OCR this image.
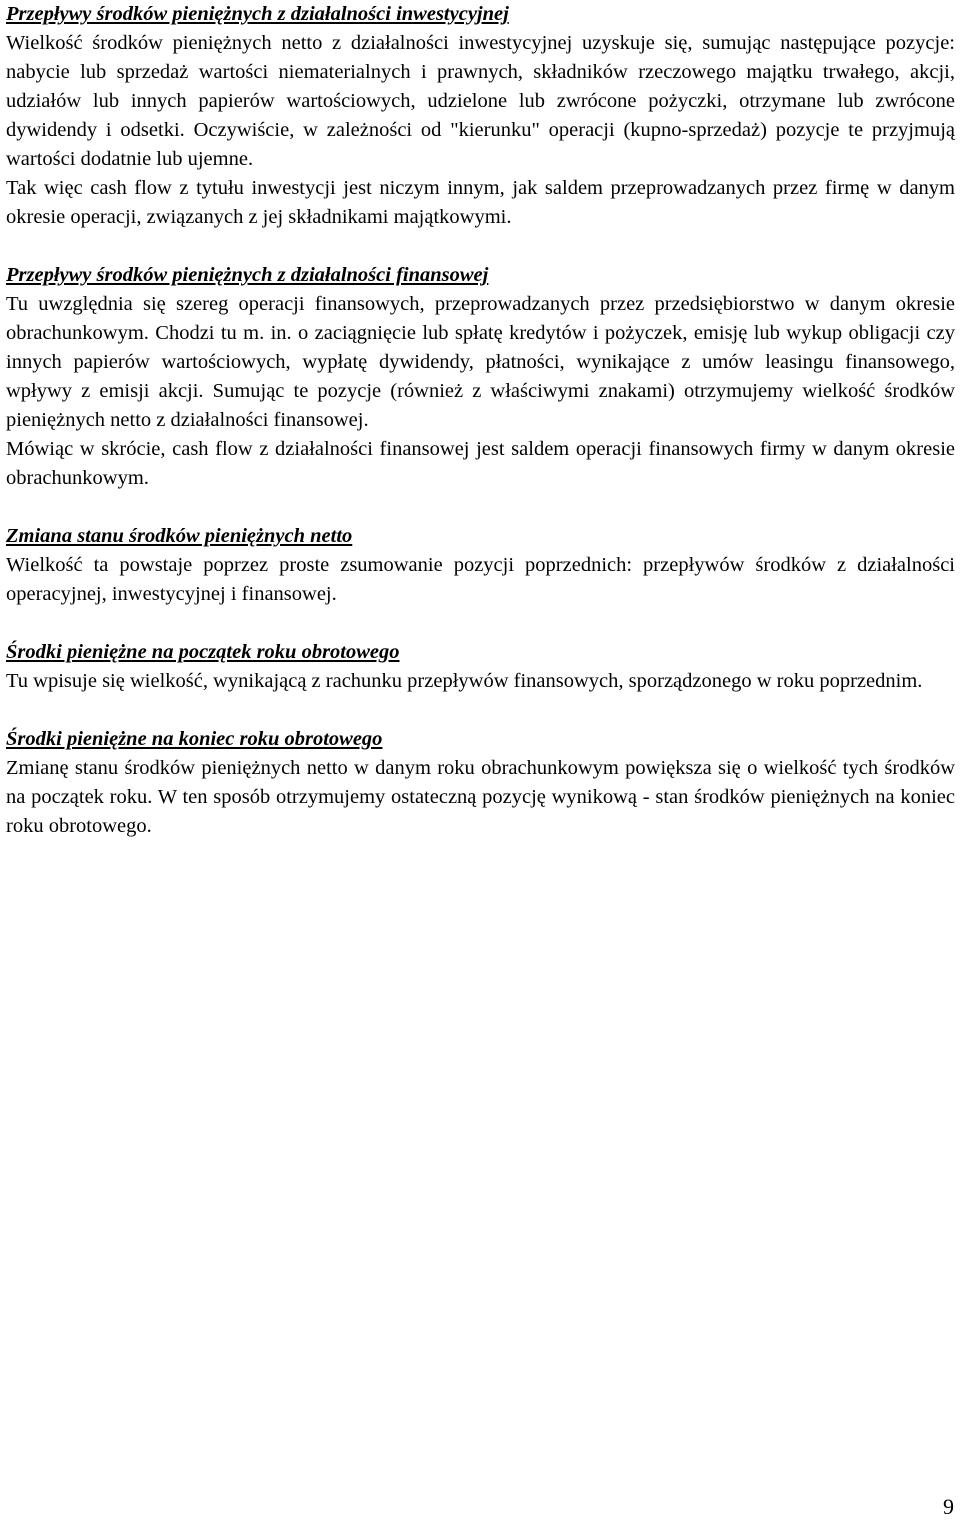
Przepływy środków pieniężnych z działalności inwestycyjnej

Wielkość środków pieniężnych netto z działalności inwestycyjnej uzyskuje się, sumując następujące pozycje: nabycie lub sprzedaż wartości niematerialnych i prawnych, składników rzeczowego majątku trwałego, akcji, udziałów lub innych papierów wartościowych, udzielone lub zwrócone pożyczki, otrzymane lub zwrócone dywidendy i odsetki. Oczywiście, w zależności od "kierunku" operacji (kupno-sprzedaż) pozycje te przyjmują wartości dodatnie lub ujemne.

Tak więc cash flow z tytułu inwestycji jest niczym innym, jak saldem przeprowadzanych przez firmę w danym okresie operacji, związanych z jej składnikami majątkowymi.

Przepływy środków pieniężnych z działalności finansowej

Tu uwzględnia się szereg operacji finansowych, przeprowadzanych przez przedsiębiorstwo w danym okresie obrachunkowym. Chodzi tu m. in. o zaciągnięcie lub spłatę kredytów i pożyczek, emisję lub wykup obligacji czy innych papierów wartościowych, wypłatę dywidendy, płatności, wynikające z umów leasingu finansowego, wpływy z emisji akcji. Sumując te pozycje (również z właściwymi znakami) otrzymujemy wielkość środków pieniężnych netto z działalności finansowej.

Mówiąc w skrócie, cash flow z działalności finansowej jest saldem operacji finansowych firmy w danym okresie obrachunkowym.

Zmiana stanu środków pieniężnych netto

Wielkość ta powstaje poprzez proste zsumowanie pozycji poprzednich: przepływów środków z działalności operacyjnej, inwestycyjnej i finansowej.

Środki pieniężne na początek roku obrotowego

Tu wpisuje się wielkość, wynikającą z rachunku przepływów finansowych, sporządzonego w roku poprzednim.

Środki pieniężne na koniec roku obrotowego

Zmianę stanu środków pieniężnych netto w danym roku obrachunkowym powiększa się o wielkość tych środków na początek roku. W ten sposób otrzymujemy ostateczną pozycję wynikową - stan środków pieniężnych na koniec roku obrotowego.

9
